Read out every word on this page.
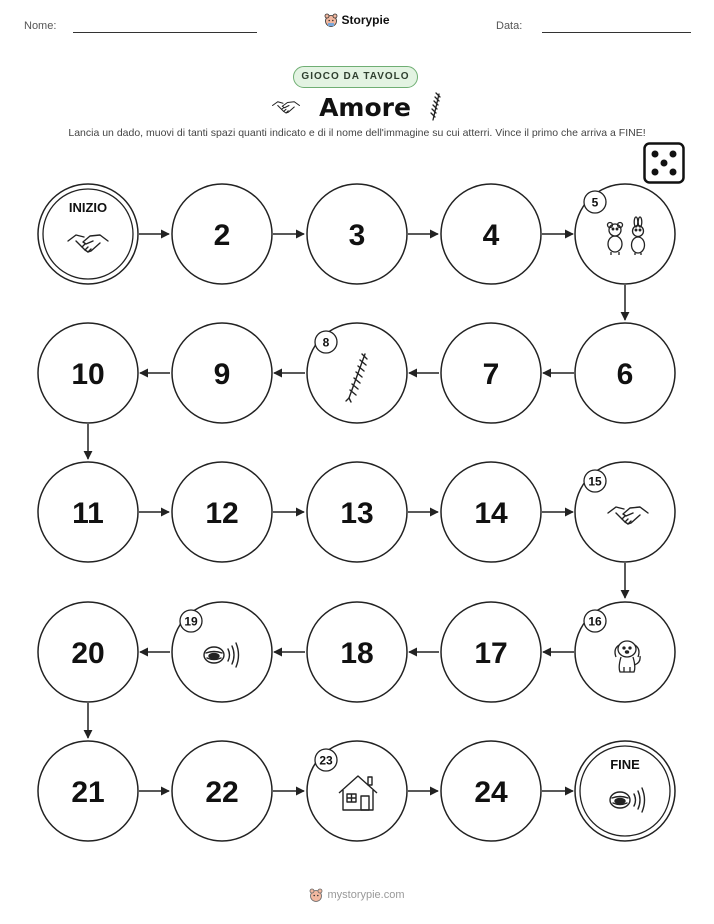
Nome:	Storypie	Data:
GIOCO DA TAVOLO
Amore
Lancia un dado, muovi di tanti spazi quanti indicato e di il nome dell'immagine su cui atterri. Vince il primo che arriva a FINE!
INIZIO
2	3	4
5
6
7
8
9
10
11	12	13	14
15
16
17
18
19
20
21	22
23
24
FINE
mystorypie.com
